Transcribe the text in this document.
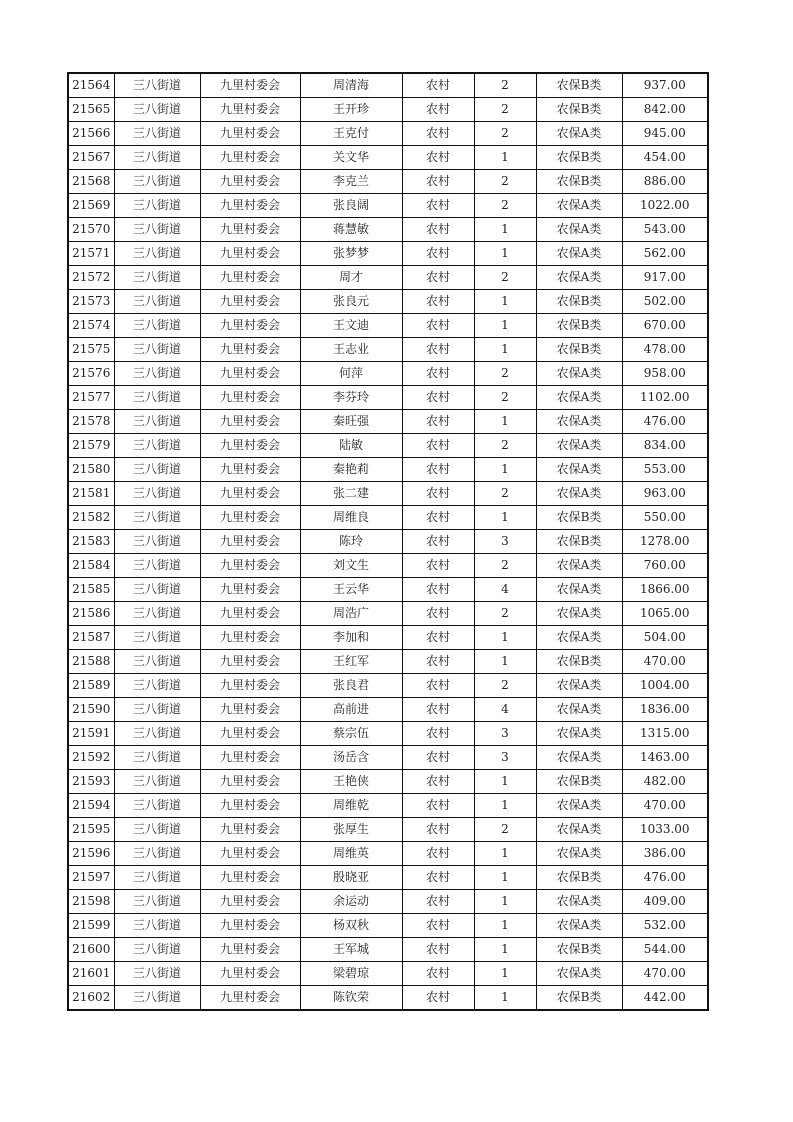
21564	三八街道	九里村委会	周清海	农村	2	农保B类	937.00
21565	三八街道	九里村委会	王开珍	农村	2	农保B类	842.00
21566	三八街道	九里村委会	王克付	农村	2	农保A类	945.00
21567	三八街道	九里村委会	关文华	农村	1	农保B类	454.00
21568	三八街道	九里村委会	李克兰	农村	2	农保B类	886.00
21569	三八街道	九里村委会	张良阔	农村	2	农保A类	1022.00
21570	三八街道	九里村委会	蒋慧敏	农村	1	农保A类	543.00
21571	三八街道	九里村委会	张梦梦	农村	1	农保A类	562.00
21572	三八街道	九里村委会	周才	农村	2	农保A类	917.00
21573	三八街道	九里村委会	张良元	农村	1	农保B类	502.00
21574	三八街道	九里村委会	王文迪	农村	1	农保B类	670.00
21575	三八街道	九里村委会	王志业	农村	1	农保B类	478.00
21576	三八街道	九里村委会	何萍	农村	2	农保A类	958.00
21577	三八街道	九里村委会	李芬玲	农村	2	农保A类	1102.00
21578	三八街道	九里村委会	秦旺强	农村	1	农保A类	476.00
21579	三八街道	九里村委会	陆敏	农村	2	农保A类	834.00
21580	三八街道	九里村委会	秦艳莉	农村	1	农保A类	553.00
21581	三八街道	九里村委会	张二建	农村	2	农保A类	963.00
21582	三八街道	九里村委会	周维良	农村	1	农保B类	550.00
21583	三八街道	九里村委会	陈玲	农村	3	农保B类	1278.00
21584	三八街道	九里村委会	刘文生	农村	2	农保A类	760.00
21585	三八街道	九里村委会	王云华	农村	4	农保A类	1866.00
21586	三八街道	九里村委会	周浩广	农村	2	农保A类	1065.00
21587	三八街道	九里村委会	李加和	农村	1	农保A类	504.00
21588	三八街道	九里村委会	王红军	农村	1	农保B类	470.00
21589	三八街道	九里村委会	张良君	农村	2	农保A类	1004.00
21590	三八街道	九里村委会	高前进	农村	4	农保A类	1836.00
21591	三八街道	九里村委会	蔡宗伍	农村	3	农保A类	1315.00
21592	三八街道	九里村委会	汤岳含	农村	3	农保A类	1463.00
21593	三八街道	九里村委会	王艳侠	农村	1	农保B类	482.00
21594	三八街道	九里村委会	周维乾	农村	1	农保A类	470.00
21595	三八街道	九里村委会	张厚生	农村	2	农保A类	1033.00
21596	三八街道	九里村委会	周维英	农村	1	农保A类	386.00
21597	三八街道	九里村委会	殷晓亚	农村	1	农保B类	476.00
21598	三八街道	九里村委会	余运动	农村	1	农保A类	409.00
21599	三八街道	九里村委会	杨双秋	农村	1	农保A类	532.00
21600	三八街道	九里村委会	王军城	农村	1	农保B类	544.00
21601	三八街道	九里村委会	梁碧琼	农村	1	农保A类	470.00
21602	三八街道	九里村委会	陈钦荣	农村	1	农保B类	442.00
